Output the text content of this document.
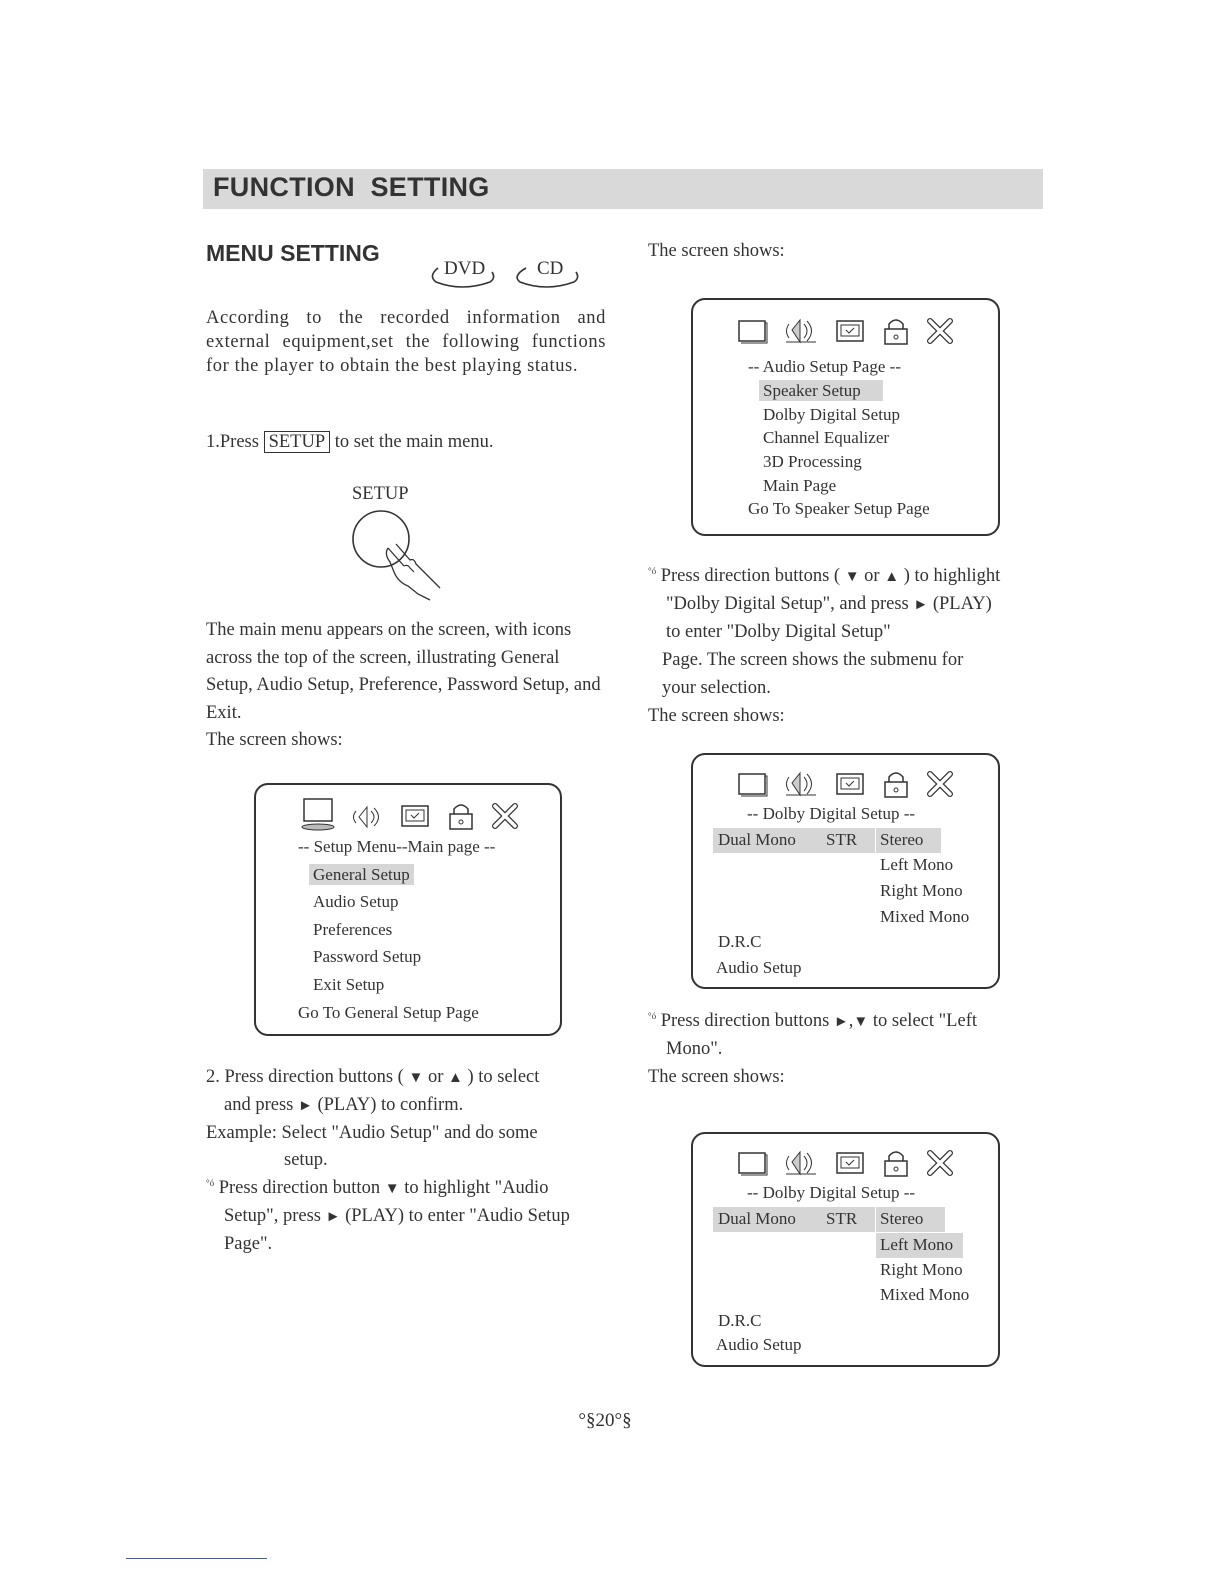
FUNCTION  SETTING
MENU SETTING
DVD	CD
According to the recorded information and external equipment,set the following functions for the player to obtain the best playing status.
1.Press SETUP to set the main menu.
SETUP
The main menu appears on the screen, with icons across the top of the screen, illustrating General Setup, Audio Setup, Preference, Password Setup, and Exit.
The screen shows:
-- Setup Menu--Main page --
General Setup
Audio Setup
Preferences
Password Setup
Exit Setup
Go To General Setup Page
2. Press direction buttons ( ▼ or ▲ ) to select
and press ► (PLAY) to confirm.
Example: Select "Audio Setup" and do some
setup.
$^{^\circ ó}$ Press direction button ▼ to highlight "Audio
Setup", press ► (PLAY) to enter "Audio Setup
Page".
The screen shows:
-- Audio Setup Page --
Speaker Setup
Dolby Digital Setup
Channel Equalizer
3D Processing
Main Page
Go To Speaker Setup Page
$^{^\circ ó}$ Press direction buttons ( ▼ or ▲ ) to highlight
"Dolby Digital Setup", and press ► (PLAY)
to enter "Dolby Digital Setup"
Page. The screen shows the submenu for
your selection.
The screen shows:
-- Dolby Digital Setup --
Dual Mono STR Stereo
Left Mono
Right Mono
Mixed Mono
D.R.C
Audio Setup
$^{^\circ ó}$ Press direction buttons ►,▼ to select "Left
Mono".
The screen shows:
-- Dolby Digital Setup --
Dual Mono STR Stereo
Left Mono
Right Mono
Mixed Mono
D.R.C
Audio Setup
°§20°§
